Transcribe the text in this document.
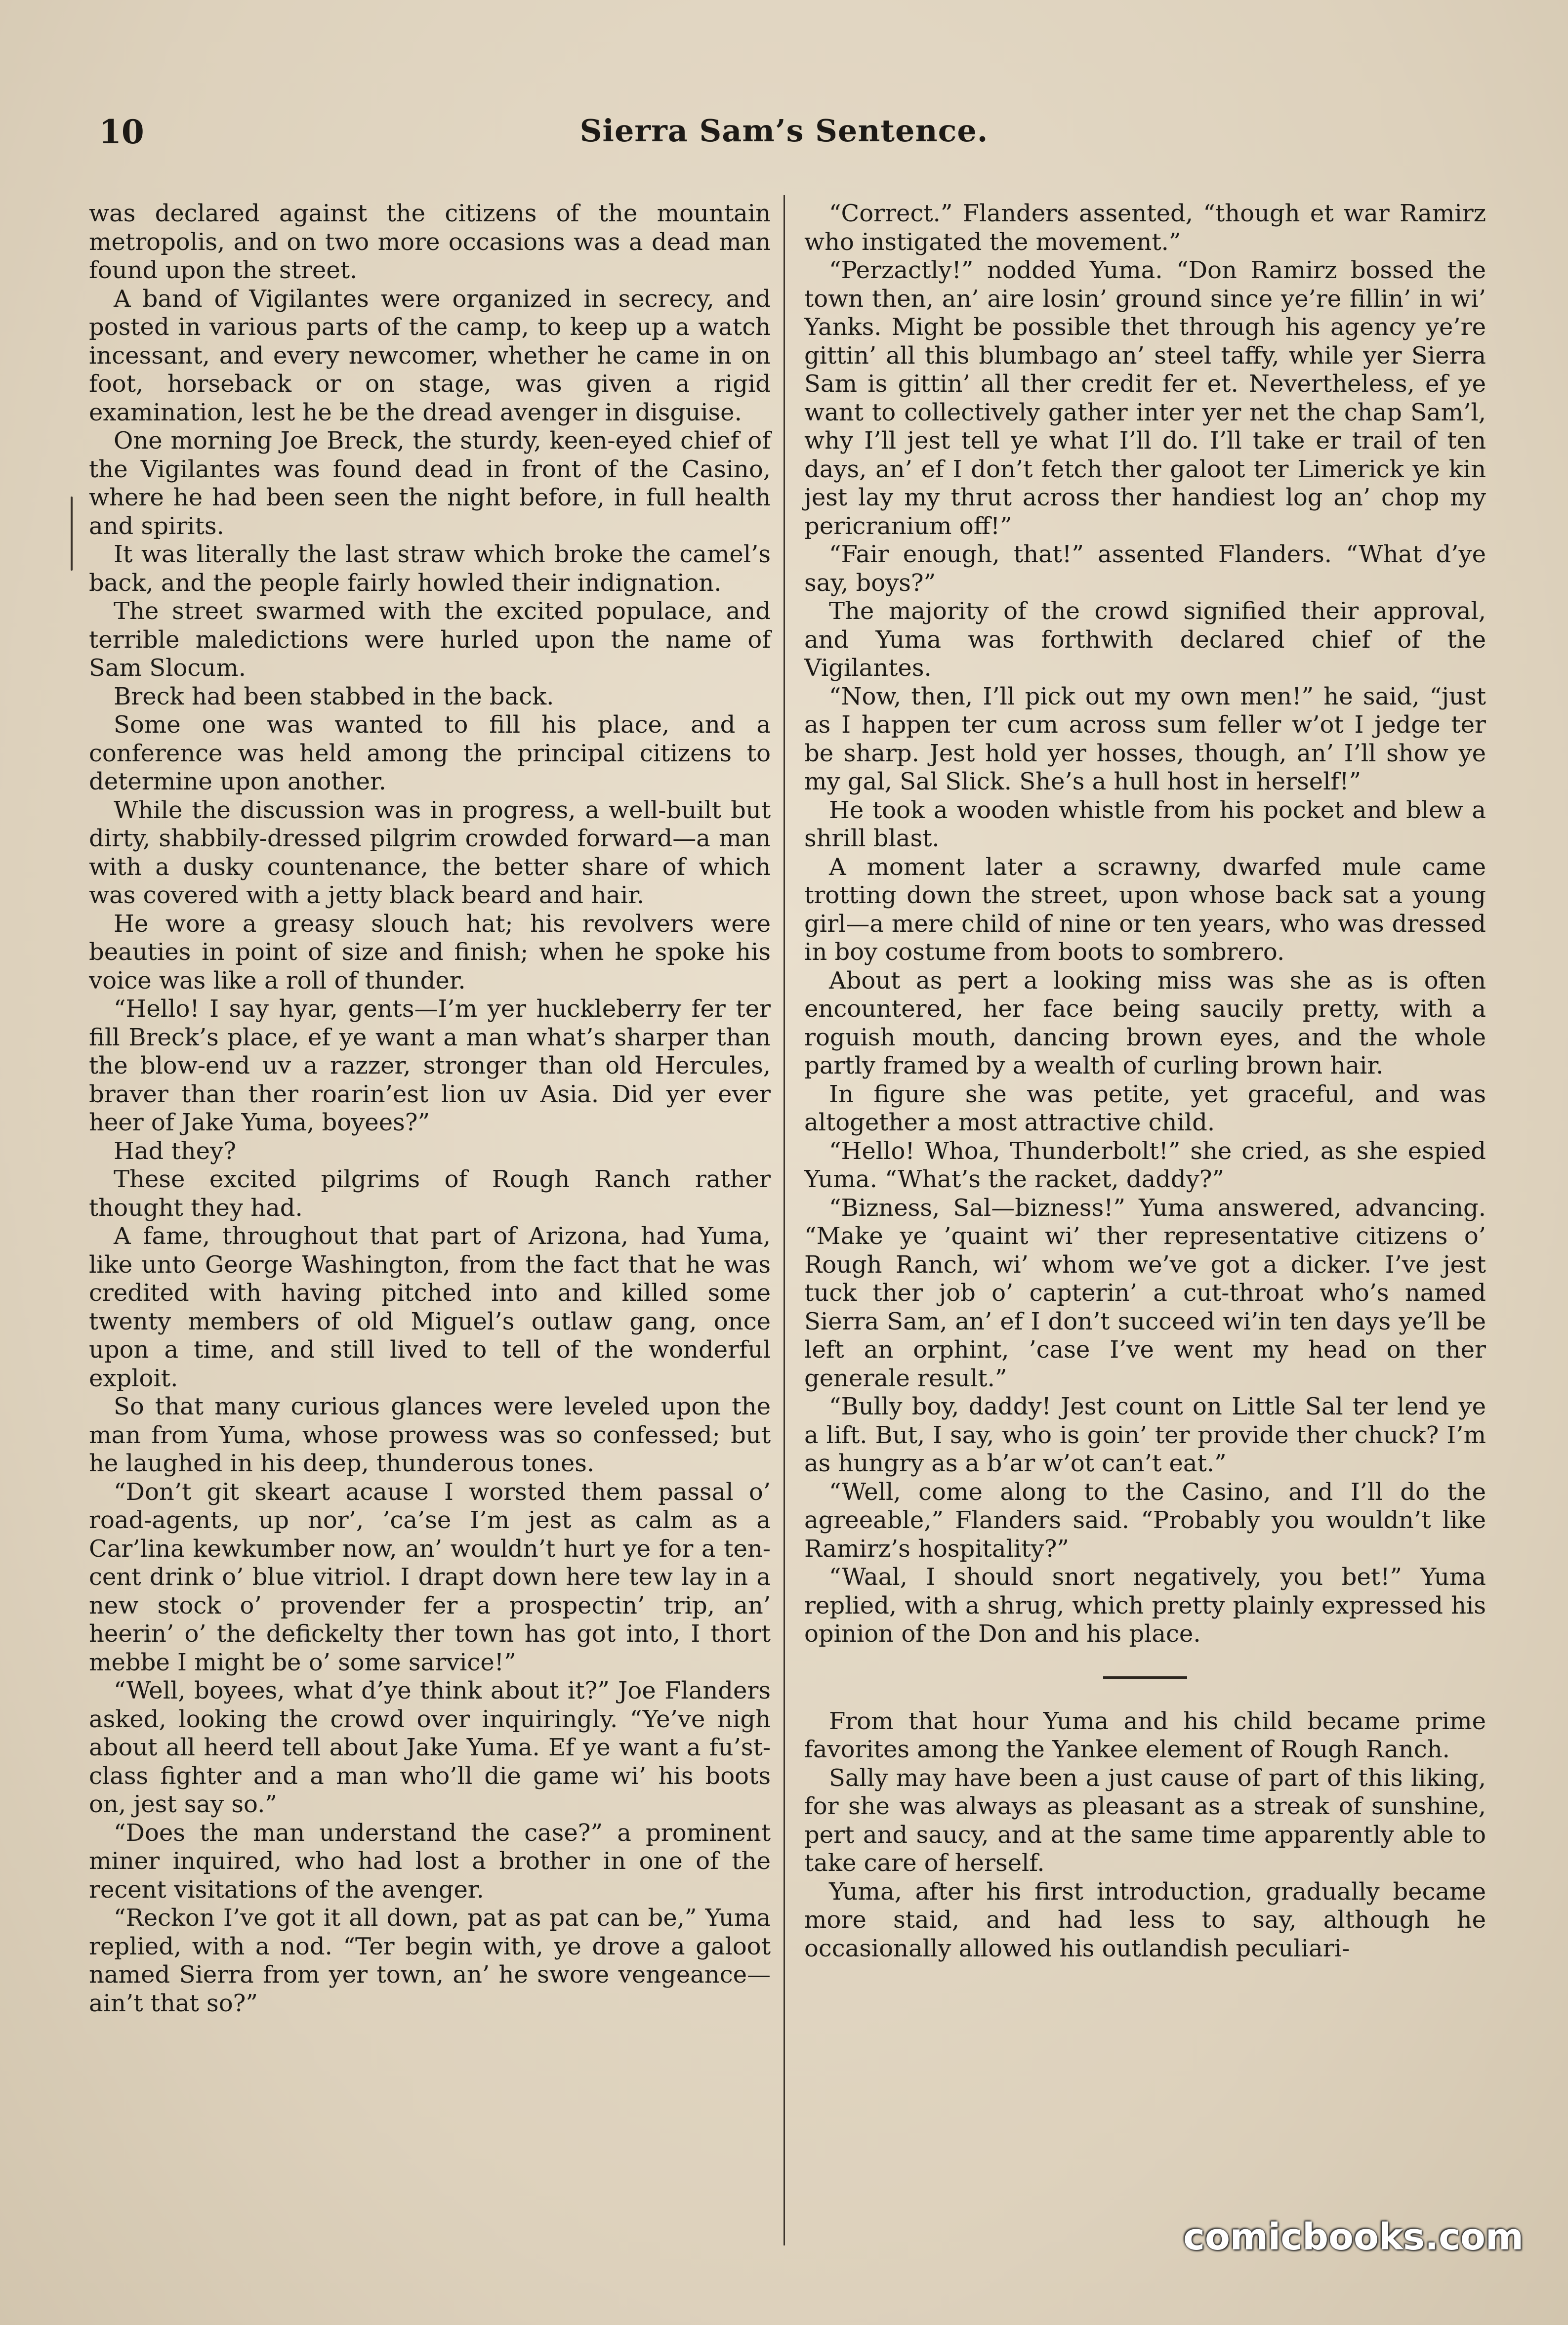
10	Sierra Sam’s Sentence.

was declared against the citizens of the mountain metropolis, and on two more occasions was a dead man found upon the street.

A band of Vigilantes were organized in secrecy, and posted in various parts of the camp, to keep up a watch incessant, and every newcomer, whether he came in on foot, horseback or on stage, was given a rigid examination, lest he be the dread avenger in disguise.

One morning Joe Breck, the sturdy, keen-eyed chief of the Vigilantes was found dead in front of the Casino, where he had been seen the night before, in full health and spirits.

It was literally the last straw which broke the camel’s back, and the people fairly howled their indignation.

The street swarmed with the excited populace, and terrible maledictions were hurled upon the name of Sam Slocum.

Breck had been stabbed in the back.

Some one was wanted to fill his place, and a conference was held among the principal citizens to determine upon another.

While the discussion was in progress, a well-built but dirty, shabbily-dressed pilgrim crowded forward—a man with a dusky countenance, the better share of which was covered with a jetty black beard and hair.

He wore a greasy slouch hat; his revolvers were beauties in point of size and finish; when he spoke his voice was like a roll of thunder.

“Hello! I say hyar, gents—I’m yer huckleberry fer ter fill Breck’s place, ef ye want a man what’s sharper than the blow-end uv a razzer, stronger than old Hercules, braver than ther roarin’est lion uv Asia. Did yer ever heer of Jake Yuma, boyees?”

Had they?

These excited pilgrims of Rough Ranch rather thought they had.

A fame, throughout that part of Arizona, had Yuma, like unto George Washington, from the fact that he was credited with having pitched into and killed some twenty members of old Miguel’s outlaw gang, once upon a time, and still lived to tell of the wonderful exploit.

So that many curious glances were leveled upon the man from Yuma, whose prowess was so confessed; but he laughed in his deep, thunderous tones.

“Don’t git skeart acause I worsted them passal o’ road-agents, up nor’, ’ca’se I’m jest as calm as a Car’lina kewkumber now, an’ wouldn’t hurt ye for a ten-cent drink o’ blue vitriol. I drapt down here tew lay in a new stock o’ provender fer a prospectin’ trip, an’ heerin’ o’ the defickelty ther town has got into, I thort mebbe I might be o’ some sarvice!”

“Well, boyees, what d’ye think about it?” Joe Flanders asked, looking the crowd over inquiringly. “Ye’ve nigh about all heerd tell about Jake Yuma. Ef ye want a fu’st-class fighter and a man who’ll die game wi’ his boots on, jest say so.”

“Does the man understand the case?” a prominent miner inquired, who had lost a brother in one of the recent visitations of the avenger.

“Reckon I’ve got it all down, pat as pat can be,” Yuma replied, with a nod. “Ter begin with, ye drove a galoot named Sierra from yer town, an’ he swore vengeance—ain’t that so?”

“Correct.” Flanders assented, “though et war Ramirz who instigated the movement.”

“Perzactly!” nodded Yuma. “Don Ramirz bossed the town then, an’ aire losin’ ground since ye’re fillin’ in wi’ Yanks. Might be possible thet through his agency ye’re gittin’ all this blumbago an’ steel taffy, while yer Sierra Sam is gittin’ all ther credit fer et. Nevertheless, ef ye want to collectively gather inter yer net the chap Sam’l, why I’ll jest tell ye what I’ll do. I’ll take er trail of ten days, an’ ef I don’t fetch ther galoot ter Limerick ye kin jest lay my thrut across ther handiest log an’ chop my pericranium off!”

“Fair enough, that!” assented Flanders. “What d’ye say, boys?”

The majority of the crowd signified their approval, and Yuma was forthwith declared chief of the Vigilantes.

“Now, then, I’ll pick out my own men!” he said, “just as I happen ter cum across sum feller w’ot I jedge ter be sharp. Jest hold yer hosses, though, an’ I’ll show ye my gal, Sal Slick. She’s a hull host in herself!”

He took a wooden whistle from his pocket and blew a shrill blast.

A moment later a scrawny, dwarfed mule came trotting down the street, upon whose back sat a young girl—a mere child of nine or ten years, who was dressed in boy costume from boots to sombrero.

About as pert a looking miss was she as is often encountered, her face being saucily pretty, with a roguish mouth, dancing brown eyes, and the whole partly framed by a wealth of curling brown hair.

In figure she was petite, yet graceful, and was altogether a most attractive child.

“Hello! Whoa, Thunderbolt!” she cried, as she espied Yuma. “What’s the racket, daddy?”

“Bizness, Sal—bizness!” Yuma answered, advancing. “Make ye ’quaint wi’ ther representative citizens o’ Rough Ranch, wi’ whom we’ve got a dicker. I’ve jest tuck ther job o’ capterin’ a cut-throat who’s named Sierra Sam, an’ ef I don’t succeed wi’in ten days ye’ll be left an orphint, ’case I’ve went my head on ther generale result.”

“Bully boy, daddy! Jest count on Little Sal ter lend ye a lift. But, I say, who is goin’ ter provide ther chuck? I’m as hungry as a b’ar w’ot can’t eat.”

“Well, come along to the Casino, and I’ll do the agreeable,” Flanders said. “Probably you wouldn’t like Ramirz’s hospitality?”

“Waal, I should snort negatively, you bet!” Yuma replied, with a shrug, which pretty plainly expressed his opinion of the Don and his place.

From that hour Yuma and his child became prime favorites among the Yankee element of Rough Ranch.

Sally may have been a just cause of part of this liking, for she was always as pleasant as a streak of sunshine, pert and saucy, and at the same time apparently able to take care of herself.

Yuma, after his first introduction, gradually became more staid, and had less to say, although he occasionally allowed his outlandish peculiari-

comicbooks.com
